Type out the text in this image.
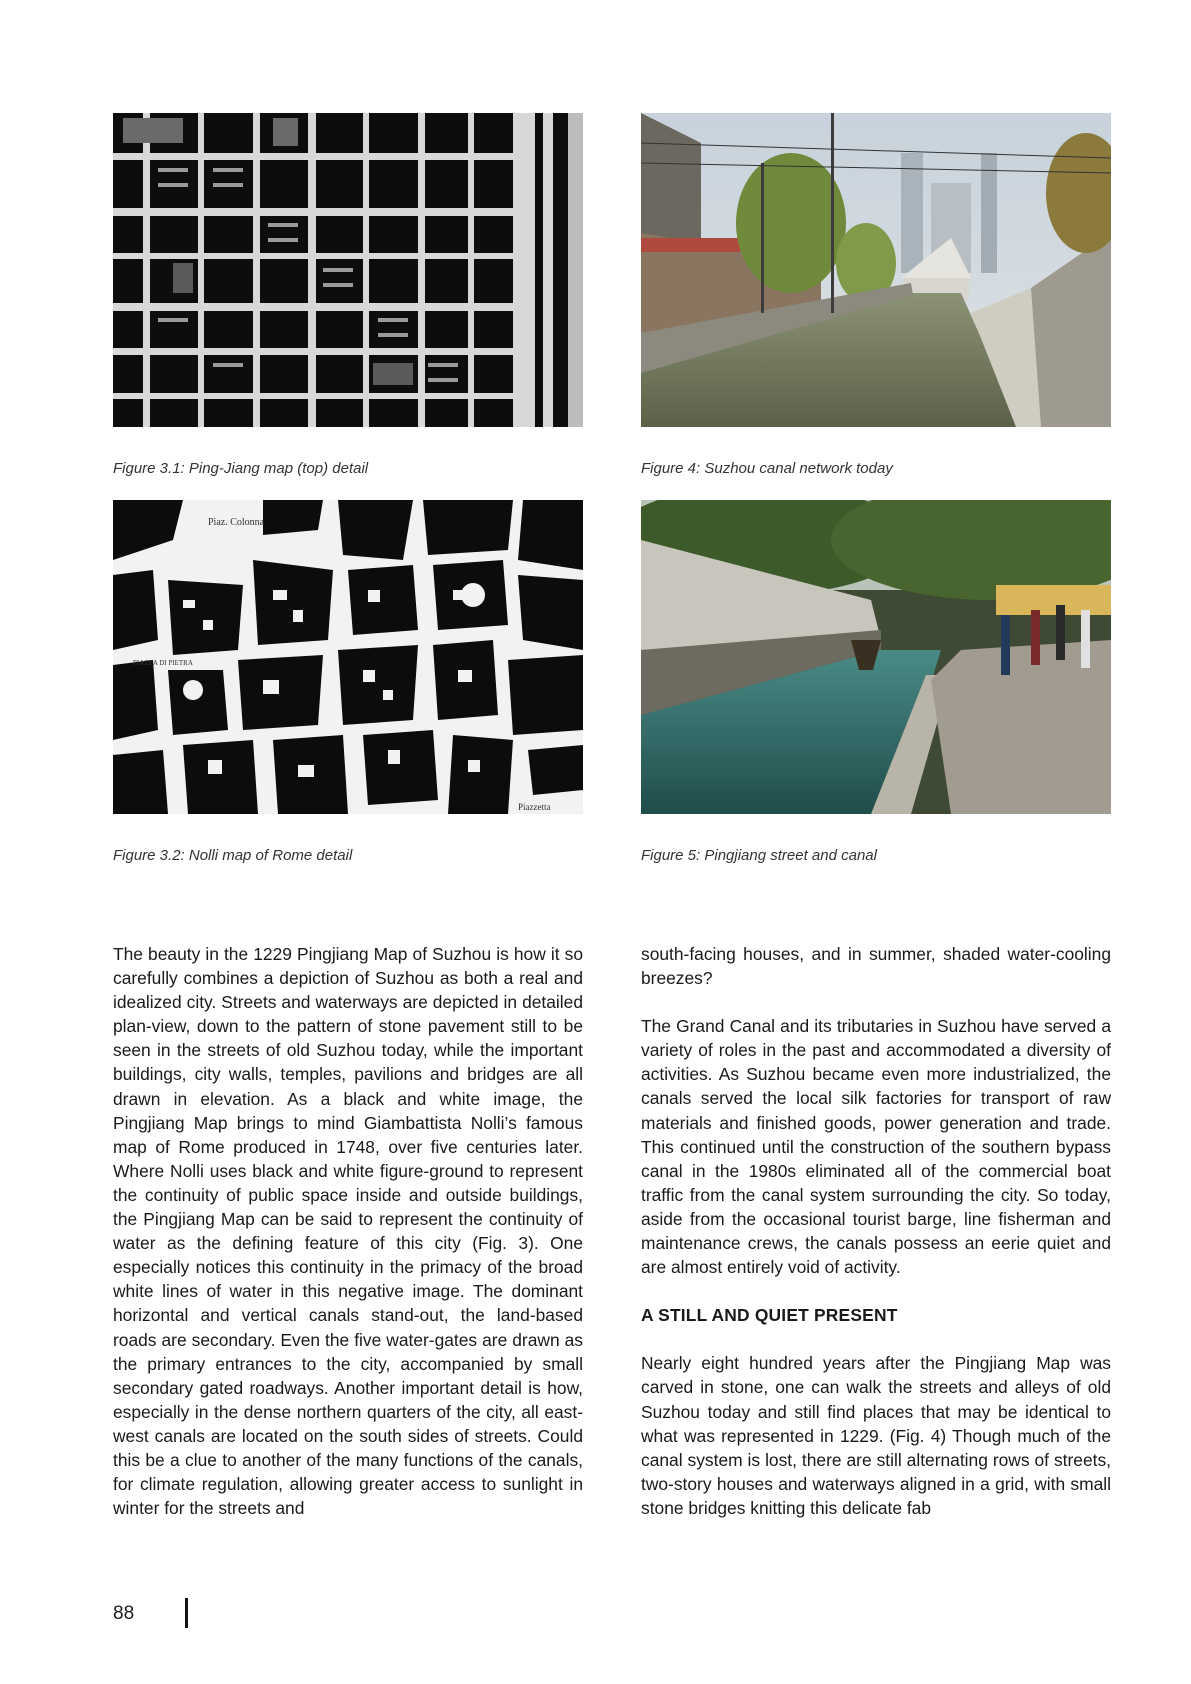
Figure 3.1: Ping-Jiang map (top) detail	Figure 4: Suzhou canal network today
Piaz. Colonna
PIAZZA DI PIETRA
Piazzetta
Figure 3.2: Nolli map of Rome detail	Figure 5: Pingjiang street and canal

The beauty in the 1229 Pingjiang Map of Suzhou is how it so carefully combines a depiction of Suzhou as both a real and idealized city. Streets and waterways are depicted in detailed plan-view, down to the pattern of stone pavement still to be seen in the streets of old Suzhou today, while the important buildings, city walls, temples, pavilions and bridges are all drawn in elevation. As a black and white image, the Pingjiang Map brings to mind Giambattista Nolli’s famous map of Rome produced in 1748, over five centuries later. Where Nolli uses black and white figure-ground to represent the continuity of public space inside and outside buildings, the Pingjiang Map can be said to represent the continuity of water as the defining feature of this city (Fig. 3). One especially notices this continuity in the primacy of the broad white lines of water in this negative image. The dominant horizontal and vertical canals stand-out, the land-based roads are secondary. Even the five water-gates are drawn as the primary entrances to the city, accompanied by small secondary gated roadways. Another important detail is how, especially in the dense northern quarters of the city, all east-west canals are located on the south sides of streets. Could this be a clue to another of the many functions of the canals, for climate regulation, allowing greater access to sunlight in winter for the streets and

south-facing houses, and in summer, shaded water-cooling breezes?

The Grand Canal and its tributaries in Suzhou have served a variety of roles in the past and accommodated a diversity of activities. As Suzhou became even more industrialized, the canals served the local silk factories for transport of raw materials and finished goods, power generation and trade. This continued until the construction of the southern bypass canal in the 1980s eliminated all of the commercial boat traffic from the canal system surrounding the city. So today, aside from the occasional tourist barge, line fisherman and maintenance crews, the canals possess an eerie quiet and are almost entirely void of activity.

A STILL AND QUIET PRESENT

Nearly eight hundred years after the Pingjiang Map was carved in stone, one can walk the streets and alleys of old Suzhou today and still find places that may be identical to what was represented in 1229. (Fig. 4) Though much of the canal system is lost, there are still alternating rows of streets, two-story houses and waterways aligned in a grid, with small stone bridges knitting this delicate fab

88
